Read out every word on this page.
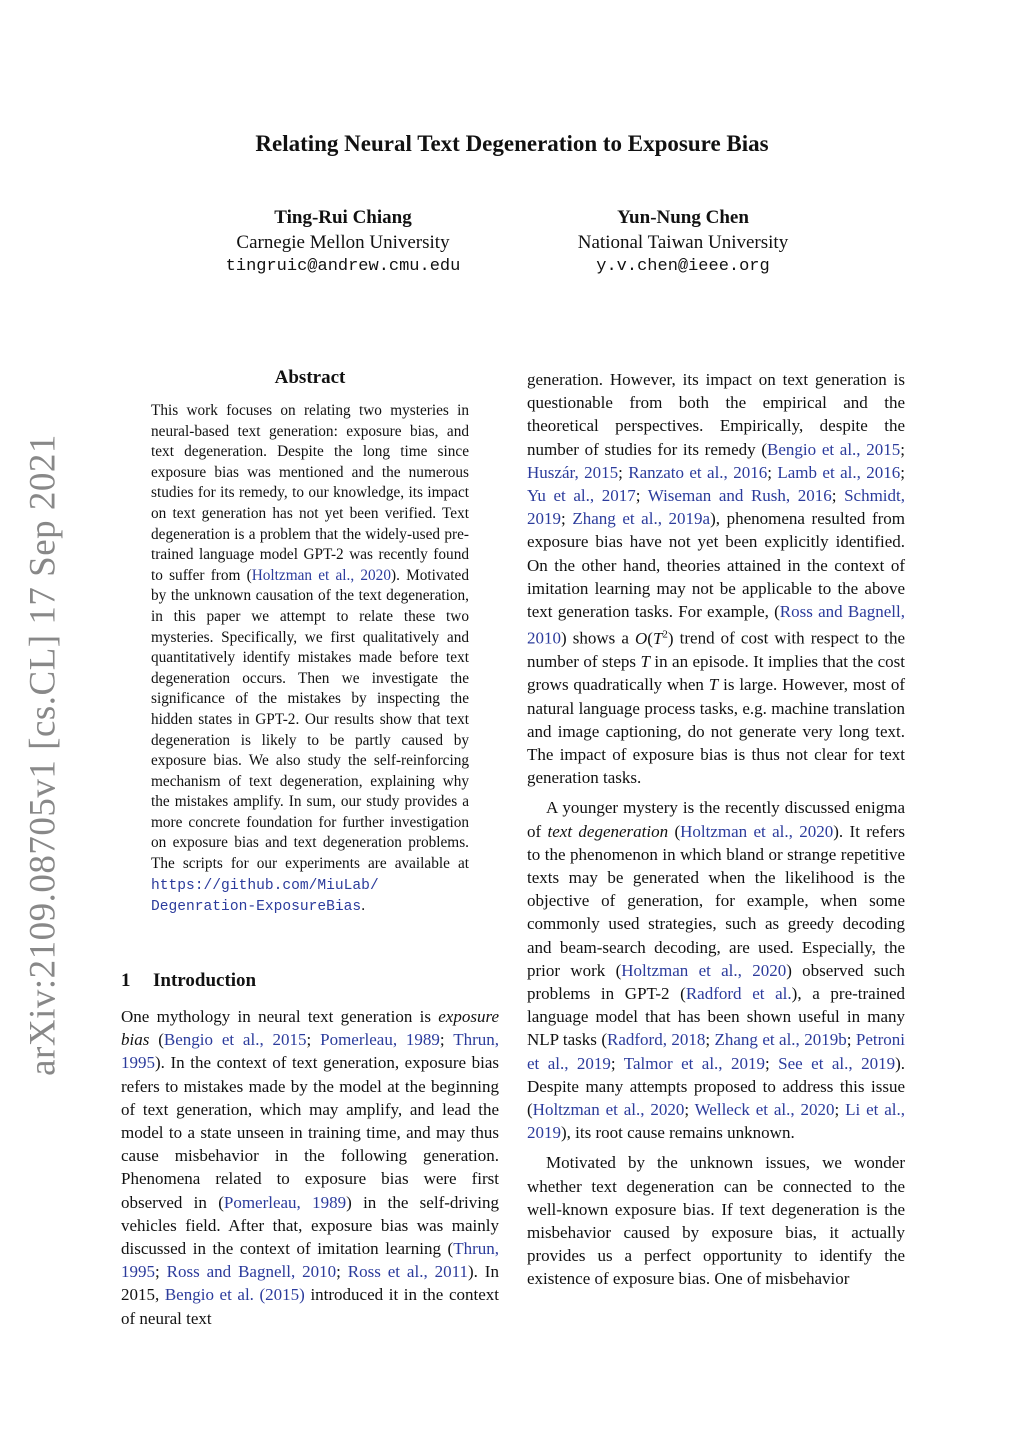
arXiv:2109.08705v1 [cs.CL] 17 Sep 2021
Relating Neural Text Degeneration to Exposure Bias
Ting-Rui Chiang
Carnegie Mellon University
tingruic@andrew.cmu.edu
Yun-Nung Chen
National Taiwan University
y.v.chen@ieee.org
Abstract

This work focuses on relating two mysteries in neural-based text generation: exposure bias, and text degeneration. Despite the long time since exposure bias was mentioned and the numerous studies for its remedy, to our knowledge, its impact on text generation has not yet been verified. Text degeneration is a problem that the widely-used pre-trained language model GPT-2 was recently found to suffer from (Holtzman et al., 2020). Motivated by the unknown causation of the text degeneration, in this paper we attempt to relate these two mysteries. Specifically, we first qualitatively and quantitatively identify mistakes made before text degeneration occurs. Then we investigate the significance of the mistakes by inspecting the hidden states in GPT-2. Our results show that text degeneration is likely to be partly caused by exposure bias. We also study the self-reinforcing mechanism of text degeneration, explaining why the mistakes amplify. In sum, our study provides a more concrete foundation for further investigation on exposure bias and text degeneration problems. The scripts for our experiments are available at https://github.com/MiuLab/ Degenration-ExposureBias.

1 Introduction

One mythology in neural text generation is exposure bias (Bengio et al., 2015; Pomerleau, 1989; Thrun, 1995). In the context of text generation, exposure bias refers to mistakes made by the model at the beginning of text generation, which may amplify, and lead the model to a state unseen in training time, and may thus cause misbehavior in the following generation. Phenomena related to exposure bias were first observed in (Pomerleau, 1989) in the self-driving vehicles field. After that, exposure bias was mainly discussed in the context of imitation learning (Thrun, 1995; Ross and Bagnell, 2010; Ross et al., 2011). In 2015, Bengio et al. (2015) introduced it in the context of neural text

generation. However, its impact on text generation is questionable from both the empirical and the theoretical perspectives. Empirically, despite the number of studies for its remedy (Bengio et al., 2015; Huszár, 2015; Ranzato et al., 2016; Lamb et al., 2016; Yu et al., 2017; Wiseman and Rush, 2016; Schmidt, 2019; Zhang et al., 2019a), phenomena resulted from exposure bias have not yet been explicitly identified. On the other hand, theories attained in the context of imitation learning may not be applicable to the above text generation tasks. For example, (Ross and Bagnell, 2010) shows a $O(T^2)$ trend of cost with respect to the number of steps T in an episode. It implies that the cost grows quadratically when T is large. However, most of natural language process tasks, e.g. machine translation and image captioning, do not generate very long text. The impact of exposure bias is thus not clear for text generation tasks.

A younger mystery is the recently discussed enigma of text degeneration (Holtzman et al., 2020). It refers to the phenomenon in which bland or strange repetitive texts may be generated when the likelihood is the objective of generation, for example, when some commonly used strategies, such as greedy decoding and beam-search decoding, are used. Especially, the prior work (Holtzman et al., 2020) observed such problems in GPT-2 (Radford et al.), a pre-trained language model that has been shown useful in many NLP tasks (Radford, 2018; Zhang et al., 2019b; Petroni et al., 2019; Talmor et al., 2019; See et al., 2019). Despite many attempts proposed to address this issue (Holtzman et al., 2020; Welleck et al., 2020; Li et al., 2019), its root cause remains unknown.

Motivated by the unknown issues, we wonder whether text degeneration can be connected to the well-known exposure bias. If text degeneration is the misbehavior caused by exposure bias, it actually provides us a perfect opportunity to identify the existence of exposure bias. One of misbehavior
